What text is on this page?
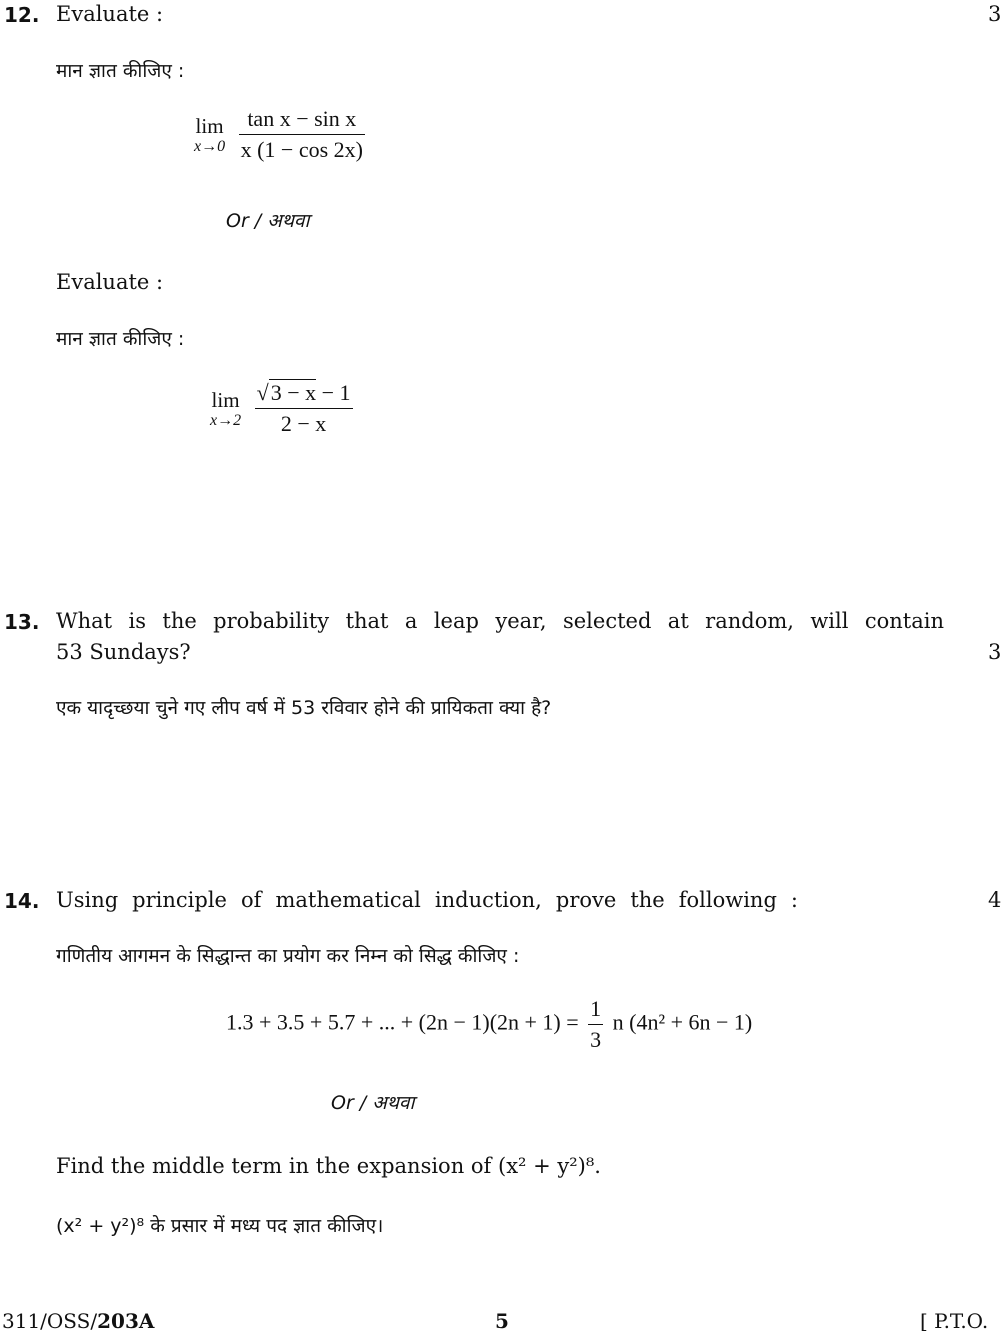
12. Evaluate :	3
मान ज्ञात कीजिए :
lim
x→0
$\frac{\text{tan x − sin x}}{x (1 - \cos 2x)}$
Or / अथवा
Evaluate :
मान ज्ञात कीजिए :
lim
x→2
$\frac{√3 - x - 1}{2 - x}$
13. What is the probability that a leap year, selected at random, will contain
53 Sundays?	3
एक यादृच्छया चुने गए लीप वर्ष में 53 रविवार होने की प्रायिकता क्या है?
14. Using principle of mathematical induction, prove the following :	4
गणितीय आगमन के सिद्धान्त का प्रयोग कर निम्न को सिद्ध कीजिए :
1.3 + 3.5 + 5.7 + ... + $(2n - 1)(2n + 1) = \frac{1}{3}$ n (4n² + 6n − 1)
Or / अथवा
Find the middle term in the expansion of (x² + y²)⁸.
(x² + y²)⁸ के प्रसार में मध्य पद ज्ञात कीजिए।
311/OSS/203A	5	[ P.T.O.
